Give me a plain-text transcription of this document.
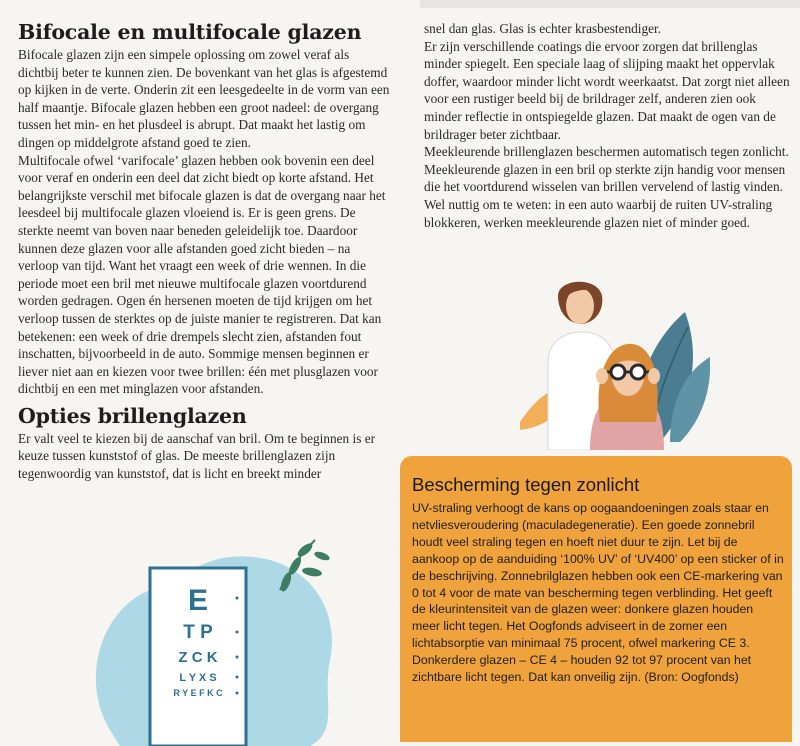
Bifocale en multifocale glazen

Bifocale glazen zijn een simpele oplossing om zowel veraf als dichtbij beter te kunnen zien. De bovenkant van het glas is afgestemd op kijken in de verte. Onderin zit een leesgedeelte in de vorm van een half maantje. Bifocale glazen hebben een groot nadeel: de overgang tussen het min- en het plusdeel is abrupt. Dat maakt het lastig om dingen op middelgrote afstand goed te zien.

Multifocale ofwel ‘varifocale’ glazen hebben ook bovenin een deel voor veraf en onderin een deel dat zicht biedt op korte afstand. Het belangrijkste verschil met bifocale glazen is dat de overgang naar het leesdeel bij multifocale glazen vloeiend is. Er is geen grens. De sterkte neemt van boven naar beneden geleidelijk toe. Daardoor kunnen deze glazen voor alle afstanden goed zicht bieden – na verloop van tijd. Want het vraagt een week of drie wennen. In die periode moet een bril met nieuwe multifocale glazen voortdurend worden gedragen. Ogen én hersenen moeten de tijd krijgen om het verloop tussen de sterktes op de juiste manier te registreren. Dat kan betekenen: een week of drie drempels slecht zien, afstanden fout inschatten, bijvoorbeeld in de auto. Sommige mensen beginnen er liever niet aan en kiezen voor twee brillen: één met plusglazen voor dichtbij en een met minglazen voor afstanden.

Opties brillenglazen

Er valt veel te kiezen bij de aanschaf van bril. Om te beginnen is er keuze tussen kunststof of glas. De meeste brillenglazen zijn tegenwoordig van kunststof, dat is licht en breekt minder

snel dan glas. Glas is echter krasbestendiger.

Er zijn verschillende coatings die ervoor zorgen dat brillenglas minder spiegelt. Een speciale laag of slijping maakt het oppervlak doffer, waardoor minder licht wordt weerkaatst. Dat zorgt niet alleen voor een rustiger beeld bij de brildrager zelf, anderen zien ook minder reflectie in ontspiegelde glazen. Dat maakt de ogen van de brildrager beter zichtbaar.

Meekleurende brillenglazen beschermen automatisch tegen zonlicht. Meekleurende glazen in een bril op sterkte zijn handig voor mensen die het voortdurend wisselen van brillen vervelend of lastig vinden. Wel nuttig om te weten: in een auto waarbij de ruiten UV-straling blokkeren, werken meekleurende glazen niet of minder goed.

E
T P
Z C K
L Y X S
R Y E F K C
Bescherming tegen zonlicht
UV-straling verhoogt de kans op oogaandoeningen zoals staar en netvliesveroudering (maculadegeneratie). Een goede zonnebril houdt veel straling tegen en hoeft niet duur te zijn. Let bij de aankoop op de aanduiding ‘100% UV’ of ‘UV400’ op een sticker of in de beschrijving. Zonnebrilglazen hebben ook een CE-markering van 0 tot 4 voor de mate van bescherming tegen verblinding. Het geeft de kleurintensiteit van de glazen weer: donkere glazen houden meer licht tegen. Het Oogfonds adviseert in de zomer een lichtabsorptie van minimaal 75 procent, ofwel markering CE 3. Donkerdere glazen – CE 4 – houden 92 tot 97 procent van het zichtbare licht tegen. Dat kan onveilig zijn. (Bron: Oogfonds)
